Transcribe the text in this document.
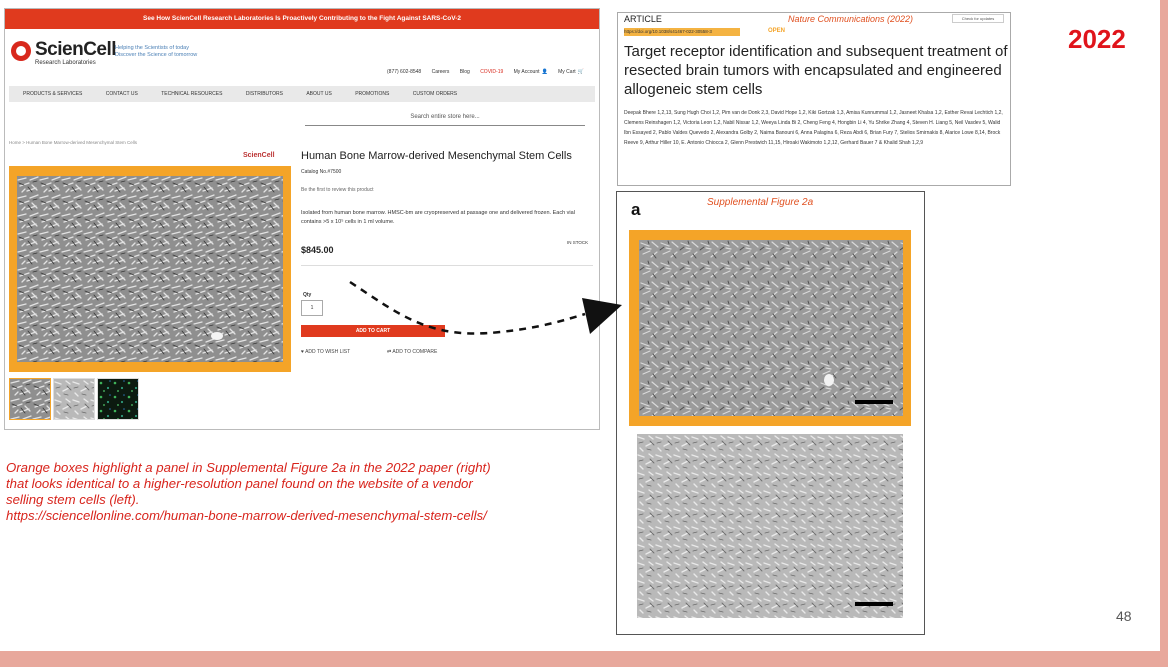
2022
48
See How ScienCell Research Laboratories Is Proactively Contributing to the Fight Against SARS-CoV-2
ScienCell
Research Laboratories
Helping the Scientists of today
Discover the Science of tomorrow
(877) 602-8548 Careers Blog COVID-19 My Account 👤 My Cart 🛒
PRODUCTS & SERVICES	CONTACT US	TECHNICAL RESOURCES	DISTRIBUTORS	ABOUT US	PROMOTIONS	CUSTOM ORDERS
Search entire store here...
Home > Human Bone Marrow-derived Mesenchymal Stem Cells
ScienCell Human Bone Marrow-derived Mesenchymal Stem Cells
Catalog No.#7500
Be the first to review this product
Isolated from human bone marrow. HMSC-bm are cryopreserved at passage one and delivered frozen. Each vial contains >5 x 10⁵ cells in 1 ml volume.
$845.00
IN STOCK
Qty
1
ADD TO CART
♥ ADD TO WISH LIST	⇄ ADD TO COMPARE
ARTICLE	Nature Communications (2022)	Check for updates
https://doi.org/10.1038/s41467-022-30558-3	OPEN
Target receptor identification and subsequent treatment of resected brain tumors with encapsulated and engineered allogeneic stem cells
Deepak Bhere 1,2,13, Sung Hugh Choi 1,2, Pim van de Donk 2,3, David Hope 1,2, Kiki Gortzak 1,3, Amisa Kunnummal 1,2, Jasneet Khalsa 1,2, Esther Revai Lechtich 1,2, Clemens Reinshagen 1,2, Victoria Leon 1,2, Nabil Nissar 1,2, Weeya Linda Bi 2, Cheng Feng 4, Hongbin Li 4, Yu Shrike Zhang 4, Steven H. Liang 5, Neil Vasdev 5, Walid Ibn Essayed 2, Pablo Valdes Quevedo 2, Alexandra Golby 2, Naima Banouni 6, Anna Palagina 6, Reza Abdi 6, Brian Fury 7, Stelios Smirnakis 8, Alarice Lowe 8,14, Brock Reeve 9, Arthur Hiller 10, E. Antonio Chiocca 2, Glenn Prestwich 11,15, Hiroaki Wakimoto 1,2,12, Gerhard Bauer 7 & Khalid Shah 1,2,9
a	Supplemental Figure 2a
Orange boxes highlight a panel in Supplemental Figure 2a in the 2022 paper (right)
that looks identical to a higher-resolution panel found on the website of a vendor
selling stem cells (left).
https://sciencellonline.com/human-bone-marrow-derived-mesenchymal-stem-cells/
